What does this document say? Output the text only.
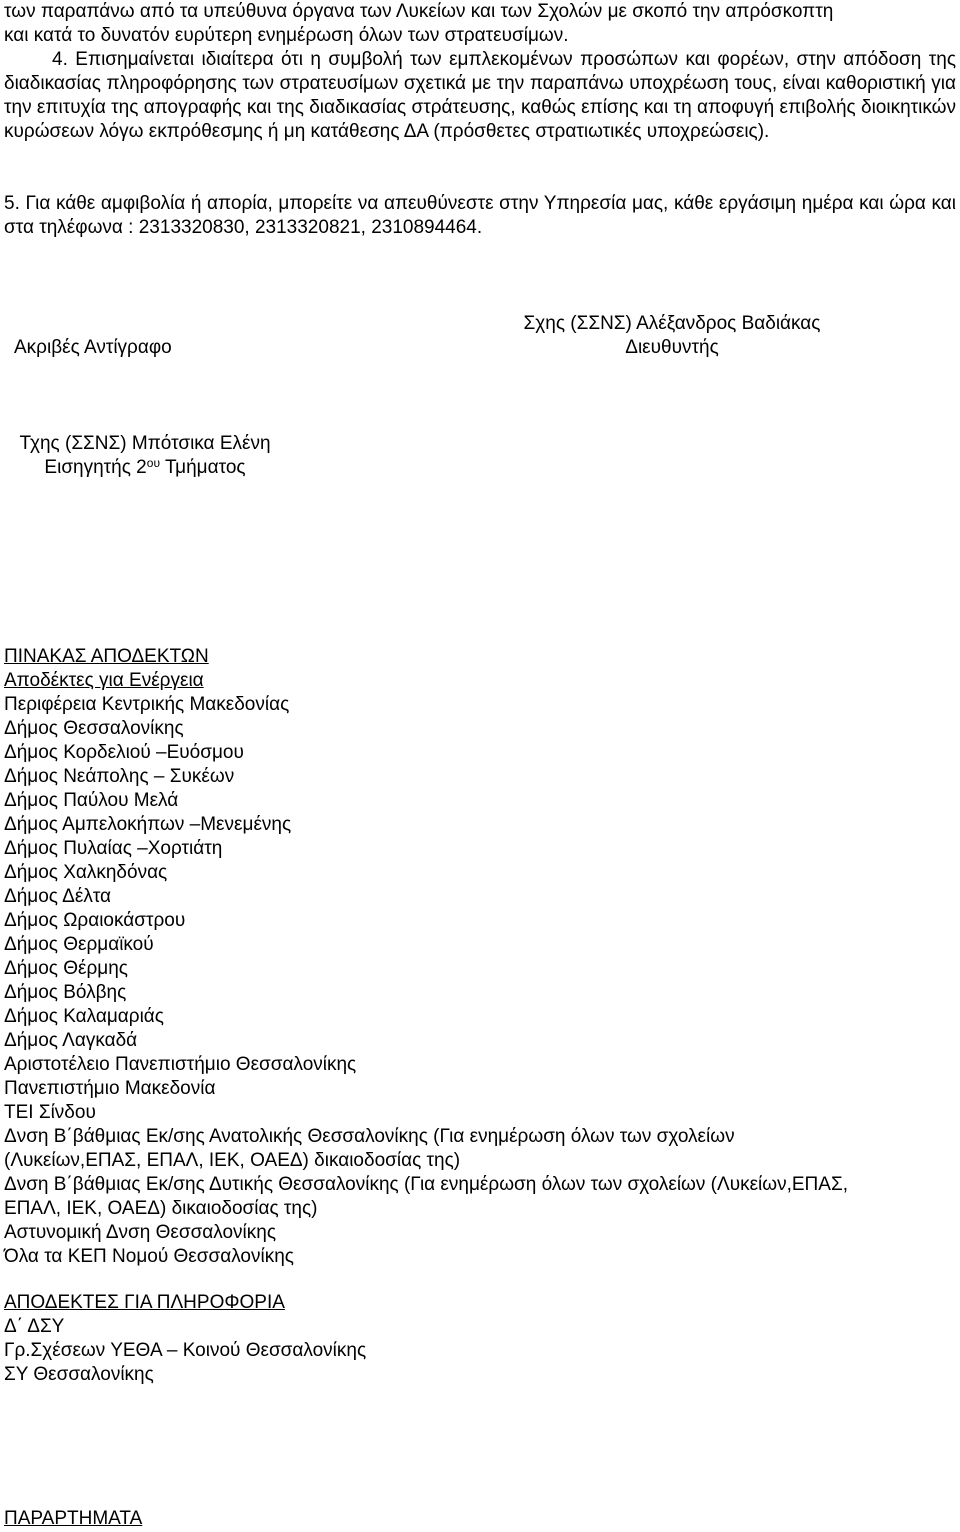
των παραπάνω από τα υπεύθυνα όργανα των Λυκείων και των Σχολών με σκοπό την απρόσκοπτη
και κατά το δυνατόν ευρύτερη ενημέρωση όλων των στρατευσίμων.

4. Επισημαίνεται ιδιαίτερα ότι η συμβολή των εμπλεκομένων προσώπων και φορέων, στην απόδοση της διαδικασίας πληροφόρησης των στρατευσίμων σχετικά με την παραπάνω υποχρέωση τους, είναι καθοριστική για την επιτυχία της απογραφής και της διαδικασίας στράτευσης, καθώς επίσης και τη αποφυγή επιβολής διοικητικών κυρώσεων λόγω εκπρόθεσμης ή μη κατάθεσης ΔΑ (πρόσθετες στρατιωτικές υποχρεώσεις).

5. Για κάθε αμφιβολία ή απορία, μπορείτε να απευθύνεστε στην Υπηρεσία μας, κάθε εργάσιμη ημέρα και ώρα και στα τηλέφωνα : 2313320830, 2313320821, 2310894464.

Ακριβές Αντίγραφο
Σχης (ΣΣΝΣ) Αλέξανδρος Βαδιάκας
Διευθυντής
Τχης (ΣΣΝΣ) Μπότσικα Ελένη
Εισηγητής $2^{o\upsilon}$ Τμήματος
ΠΙΝΑΚΑΣ ΑΠΟΔΕΚΤΩΝ
Αποδέκτες για Ενέργεια
Περιφέρεια Κεντρικής Μακεδονίας
Δήμος Θεσσαλονίκης
Δήμος Κορδελιού –Ευόσμου
Δήμος Νεάπολης – Συκέων
Δήμος Παύλου Μελά
Δήμος Αμπελοκήπων –Μενεμένης
Δήμος Πυλαίας –Χορτιάτη
Δήμος Χαλκηδόνας
Δήμος Δέλτα
Δήμος Ωραιοκάστρου
Δήμος Θερμαϊκού
Δήμος Θέρμης
Δήμος Βόλβης
Δήμος Καλαμαριάς
Δήμος Λαγκαδά
Αριστοτέλειο Πανεπιστήμιο Θεσσαλονίκης
Πανεπιστήμιο Μακεδονία
ΤΕΙ Σίνδου
Δνση Β΄βάθμιας Εκ/σης Ανατολικής Θεσσαλονίκης (Για ενημέρωση όλων των σχολείων (Λυκείων,ΕΠΑΣ, ΕΠΑΛ, ΙΕΚ, ΟΑΕΔ) δικαιοδοσίας της)
Δνση Β΄βάθμιας Εκ/σης Δυτικής Θεσσαλονίκης (Για ενημέρωση όλων των σχολείων (Λυκείων,ΕΠΑΣ, ΕΠΑΛ, ΙΕΚ, ΟΑΕΔ) δικαιοδοσίας της)
Αστυνομική Δνση Θεσσαλονίκης
Όλα τα ΚΕΠ Νομού Θεσσαλονίκης
ΑΠΟΔΕΚΤΕΣ ΓΙΑ ΠΛΗΡΟΦΟΡΙΑ
Δ΄ ΔΣΥ
Γρ.Σχέσεων ΥΕΘΑ – Κοινού Θεσσαλονίκης
ΣΥ Θεσσαλονίκης
ΠΑΡΑΡΤΗΜΑΤΑ
